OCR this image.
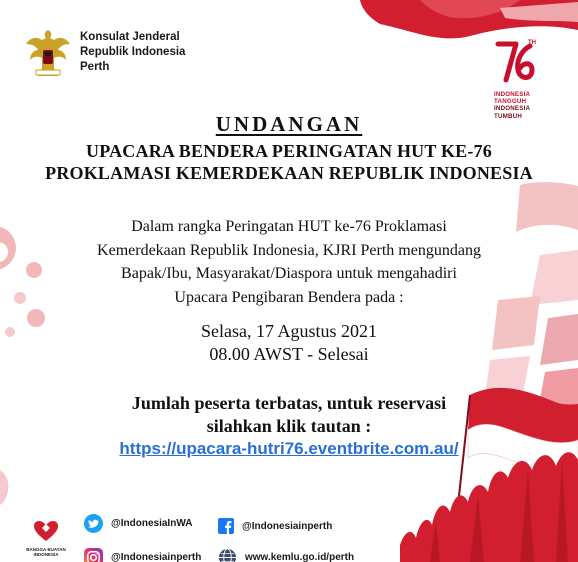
Konsulat Jenderal
Republik Indonesia
Perth
TH
INDONESIA
TANGGUH
INDONESIA
TUMBUH
UNDANGAN
UPACARA BENDERA PERINGATAN HUT KE-76
PROKLAMASI KEMERDEKAAN REPUBLIK INDONESIA
Dalam rangka Peringatan HUT ke-76 Proklamasi
Kemerdekaan Republik Indonesia, KJRI Perth mengundang
Bapak/Ibu, Masyarakat/Diaspora untuk mengahadiri
Upacara Pengibaran Bendera pada :
Selasa, 17 Agustus 2021
08.00 AWST - Selesai
Jumlah peserta terbatas, untuk reservasi
silahkan klik tautan :
https://upacara-hutri76.eventbrite.com.au/
BANGGA BUATAN
INDONESIA
@IndonesiaInWA	@Indonesiainperth
@Indonesiainperth	www.kemlu.go.id/perth
